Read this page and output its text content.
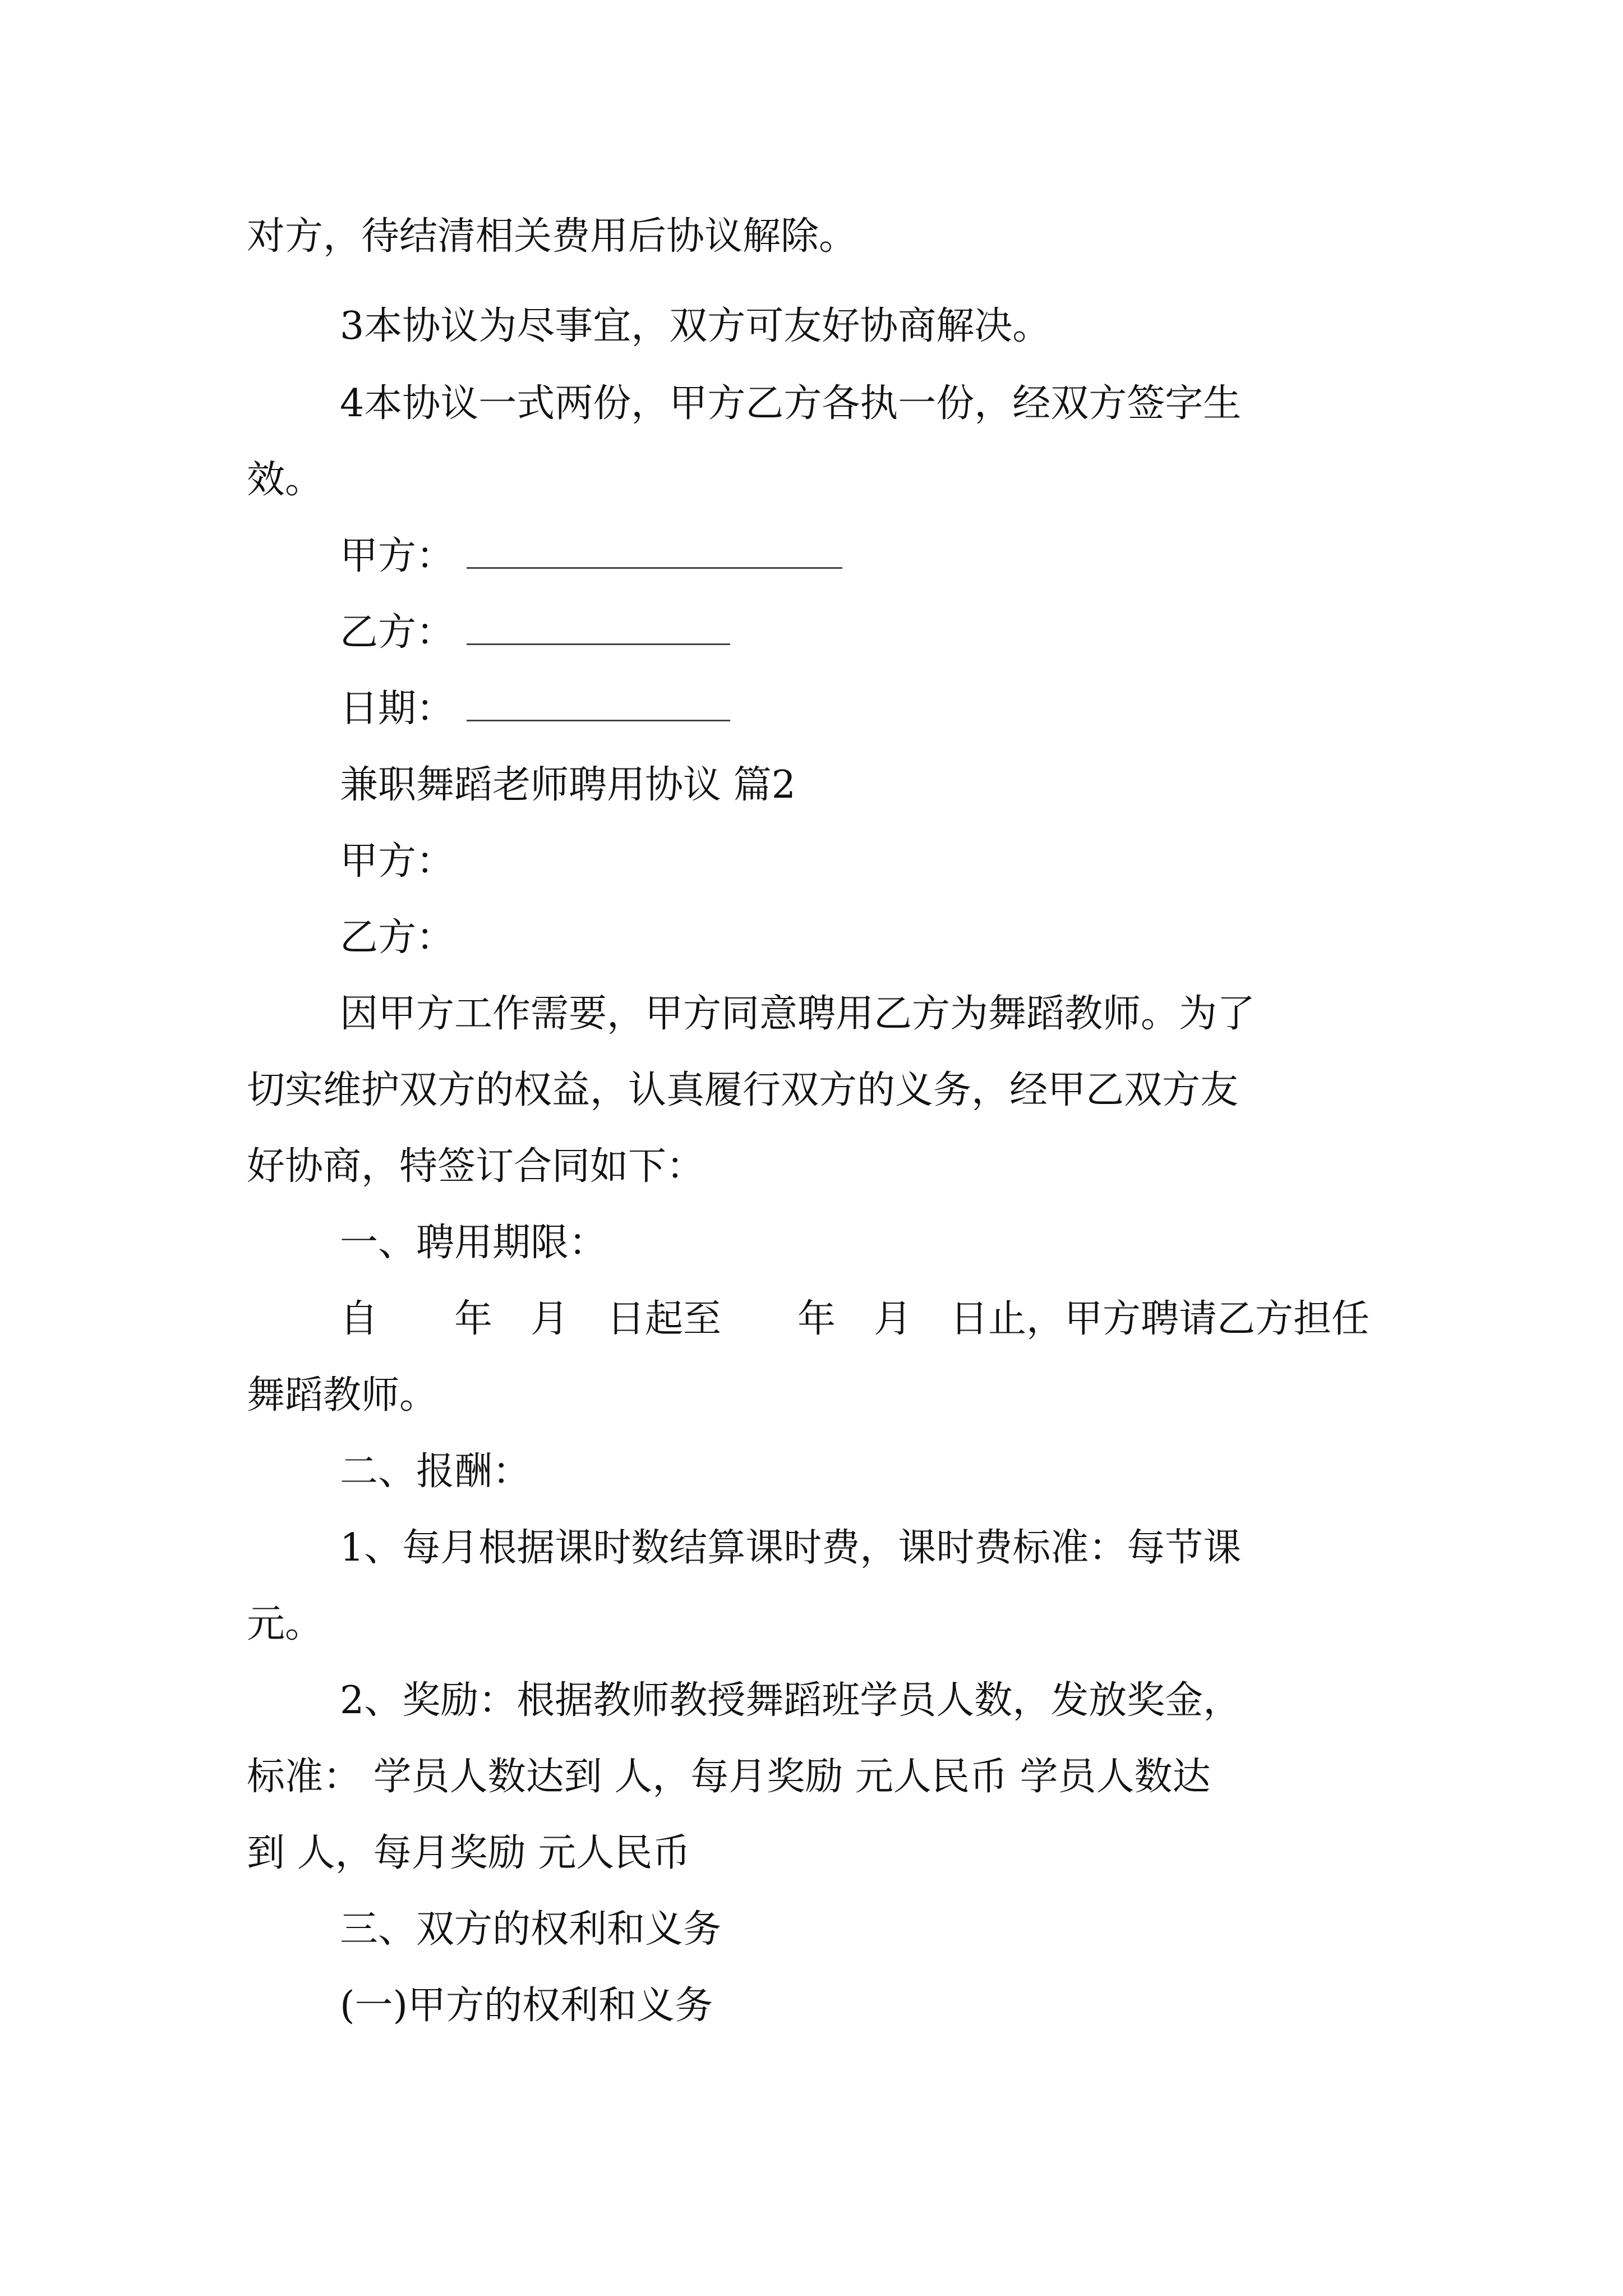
对方，待结清相关费用后协议解除。
3本协议为尽事宜，双方可友好协商解决。
4本协议一式两份，甲方乙方各执一份，经双方签字生
效。
甲方：
乙方：
日期：
兼职舞蹈老师聘用协议 篇2
甲方：
乙方：
因甲方工作需要，甲方同意聘用乙方为舞蹈教师。为了
切实维护双方的权益，认真履行双方的义务，经甲乙双方友
好协商，特签订合同如下：
一、聘用期限：
自　　年　月　日起至　　年　月　日止，甲方聘请乙方担任
舞蹈教师。
二、报酬：
1、每月根据课时数结算课时费，课时费标准：每节课
元。
2、奖励：根据教师教授舞蹈班学员人数，发放奖金，
标准： 学员人数达到 人，每月奖励 元人民币 学员人数达
到 人，每月奖励 元人民币
三、双方的权利和义务
(一)甲方的权利和义务
